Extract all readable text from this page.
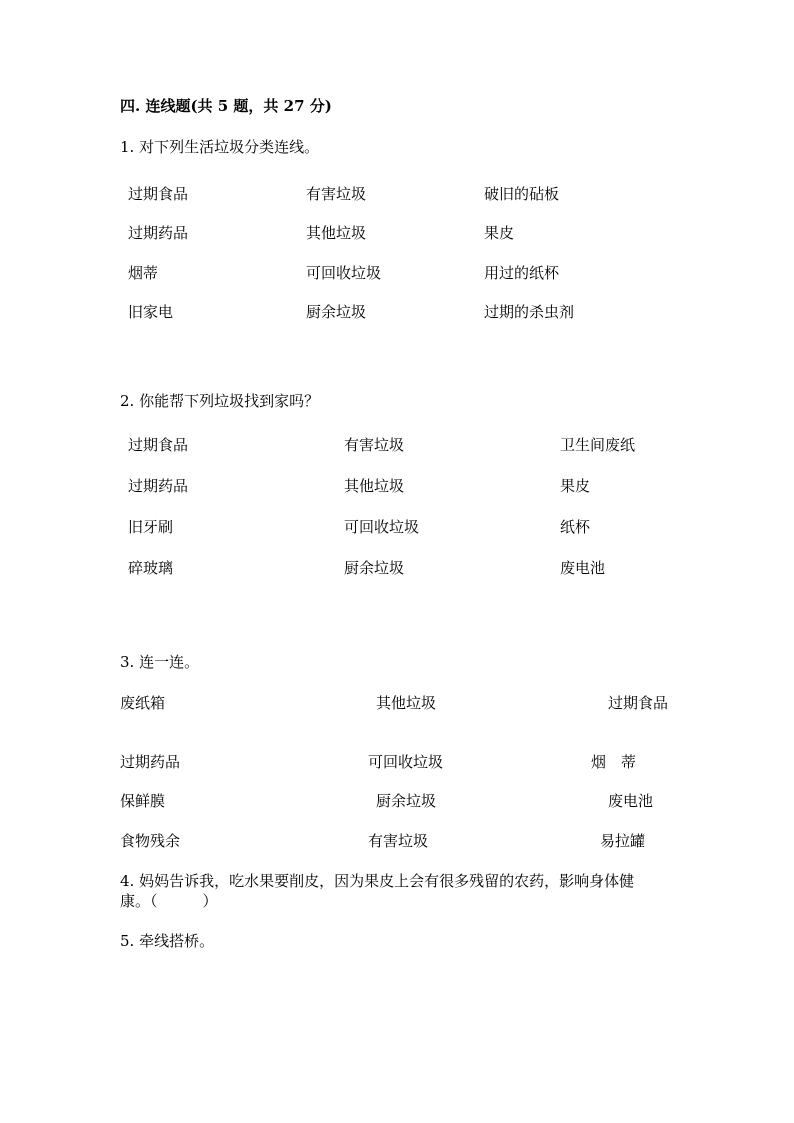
四. 连线题(共 5 题，共 27 分)
1. 对下列生活垃圾分类连线。
过期食品	有害垃圾	破旧的砧板
过期药品	其他垃圾	果皮
烟蒂	可回收垃圾	用过的纸杯
旧家电	厨余垃圾	过期的杀虫剂
2. 你能帮下列垃圾找到家吗？
过期食品	有害垃圾	卫生间废纸
过期药品	其他垃圾	果皮
旧牙刷	可回收垃圾	纸杯
碎玻璃	厨余垃圾	废电池
3. 连一连。
废纸箱	其他垃圾	过期食品
过期药品	可回收垃圾	烟　蒂
保鲜膜	厨余垃圾	废电池
食物残余	有害垃圾	易拉罐
4. 妈妈告诉我，吃水果要削皮，因为果皮上会有很多残留的农药，影响身体健
康。（　　　）
5. 牵线搭桥。
